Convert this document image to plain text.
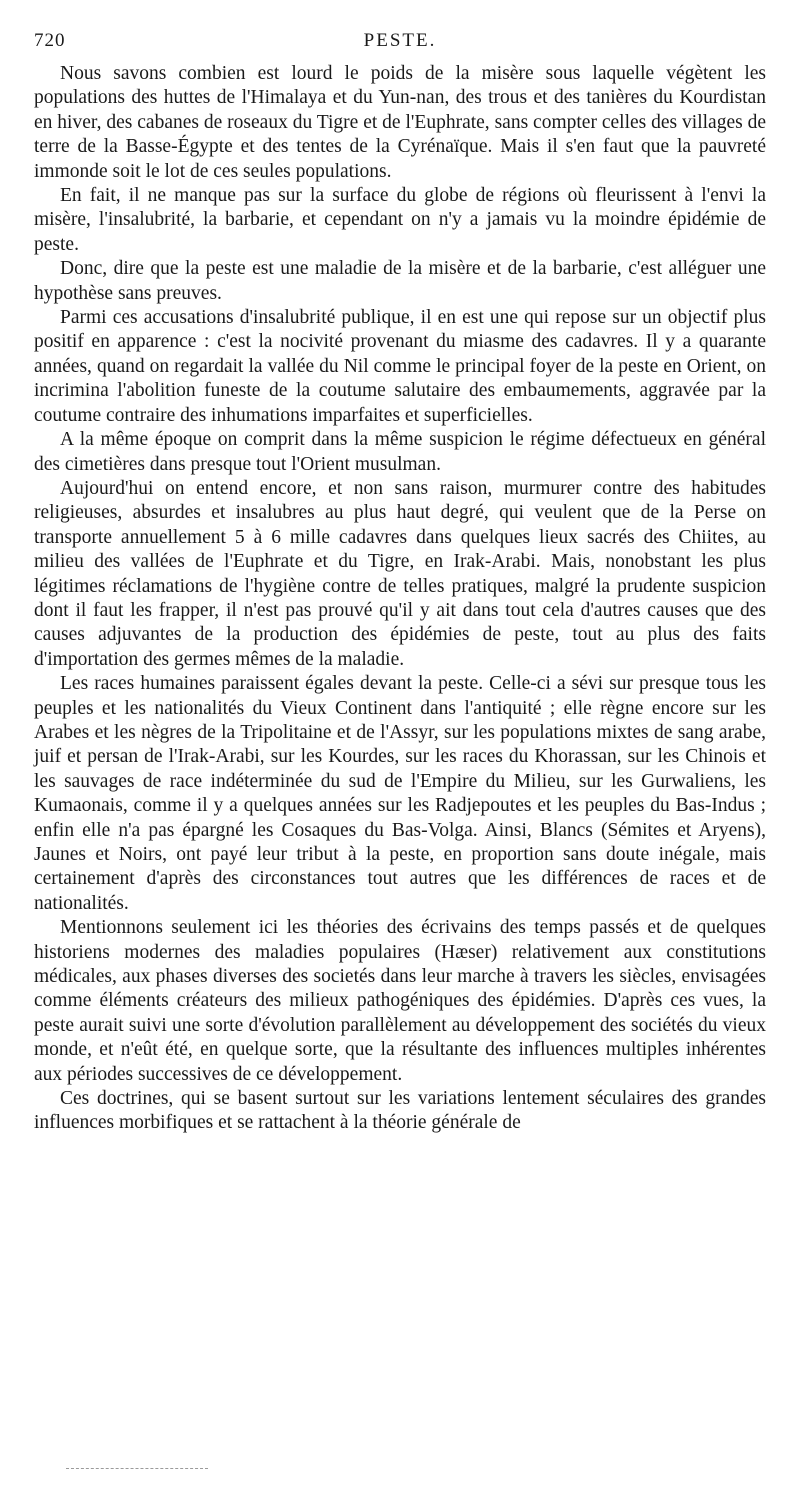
720	PESTE.

Nous savons combien est lourd le poids de la misère sous laquelle végètent les populations des huttes de l'Himalaya et du Yun-nan, des trous et des tanières du Kourdistan en hiver, des cabanes de roseaux du Tigre et de l'Euphrate, sans compter celles des villages de terre de la Basse-Égypte et des tentes de la Cyrénaïque. Mais il s'en faut que la pauvreté immonde soit le lot de ces seules populations.

En fait, il ne manque pas sur la surface du globe de régions où fleurissent à l'envi la misère, l'insalubrité, la barbarie, et cependant on n'y a jamais vu la moindre épidémie de peste.

Donc, dire que la peste est une maladie de la misère et de la barbarie, c'est alléguer une hypothèse sans preuves.

Parmi ces accusations d'insalubrité publique, il en est une qui repose sur un objectif plus positif en apparence : c'est la nocivité provenant du miasme des cadavres. Il y a quarante années, quand on regardait la vallée du Nil comme le principal foyer de la peste en Orient, on incrimina l'abolition funeste de la coutume salutaire des embaumements, aggravée par la coutume contraire des inhumations imparfaites et superficielles.

A la même époque on comprit dans la même suspicion le régime défectueux en général des cimetières dans presque tout l'Orient musulman.

Aujourd'hui on entend encore, et non sans raison, murmurer contre des habitudes religieuses, absurdes et insalubres au plus haut degré, qui veulent que de la Perse on transporte annuellement 5 à 6 mille cadavres dans quelques lieux sacrés des Chiites, au milieu des vallées de l'Euphrate et du Tigre, en Irak-Arabi. Mais, nonobstant les plus légitimes réclamations de l'hygiène contre de telles pratiques, malgré la prudente suspicion dont il faut les frapper, il n'est pas prouvé qu'il y ait dans tout cela d'autres causes que des causes adjuvantes de la production des épidémies de peste, tout au plus des faits d'importation des germes mêmes de la maladie.

Les races humaines paraissent égales devant la peste. Celle-ci a sévi sur presque tous les peuples et les nationalités du Vieux Continent dans l'antiquité ; elle règne encore sur les Arabes et les nègres de la Tripolitaine et de l'Assyr, sur les populations mixtes de sang arabe, juif et persan de l'Irak-Arabi, sur les Kourdes, sur les races du Khorassan, sur les Chinois et les sauvages de race indéterminée du sud de l'Empire du Milieu, sur les Gurwaliens, les Kumaonais, comme il y a quelques années sur les Radjepoutes et les peuples du Bas-Indus ; enfin elle n'a pas épargné les Cosaques du Bas-Volga. Ainsi, Blancs (Sémites et Aryens), Jaunes et Noirs, ont payé leur tribut à la peste, en proportion sans doute inégale, mais certainement d'après des circonstances tout autres que les différences de races et de nationalités.

Mentionnons seulement ici les théories des écrivains des temps passés et de quelques historiens modernes des maladies populaires (Hæser) relativement aux constitutions médicales, aux phases diverses des societés dans leur marche à travers les siècles, envisagées comme éléments créateurs des milieux pathogéniques des épidémies. D'après ces vues, la peste aurait suivi une sorte d'évolution parallèlement au développement des sociétés du vieux monde, et n'eût été, en quelque sorte, que la résultante des influences multiples inhérentes aux périodes successives de ce développement.

Ces doctrines, qui se basent surtout sur les variations lentement séculaires des grandes influences morbifiques et se rattachent à la théorie générale de
